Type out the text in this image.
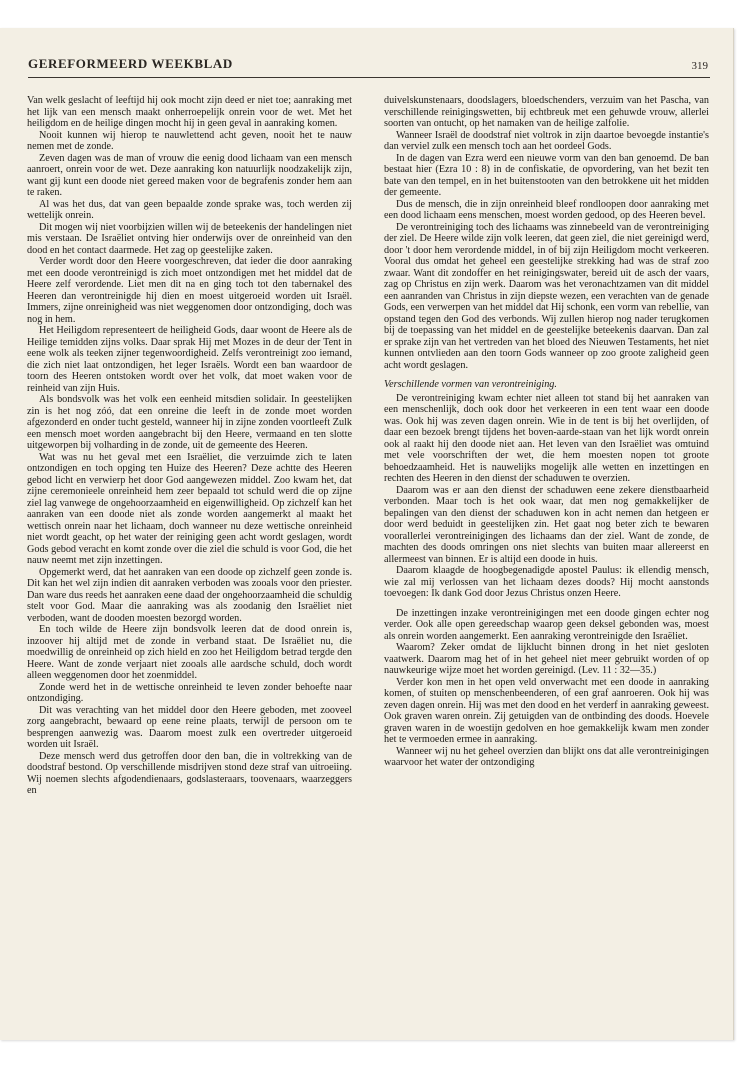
GEREFORMEERD WEEKBLAD	319

Van welk geslacht of leeftijd hij ook mocht zijn deed er niet toe; aanraking met het lijk van een mensch maakt onherroepelijk onrein voor de wet. Met het heiligdom en de heilige dingen mocht hij in geen geval in aanraking komen.

Nooit kunnen wij hierop te nauwlettend acht geven, nooit het te nauw nemen met de zonde.

Zeven dagen was de man of vrouw die eenig dood lichaam van een mensch aanroert, onrein voor de wet. Deze aanraking kon natuurlijk noodzakelijk zijn, want gij kunt een doode niet gereed maken voor de begrafenis zonder hem aan te raken.

Al was het dus, dat van geen bepaalde zonde sprake was, toch werden zij wettelijk onrein.

Dit mogen wij niet voorbijzien willen wij de beteekenis der handelingen niet mis verstaan. De Israëliet ontving hier onderwijs over de onreinheid van den dood en het contact daarmede. Het zag op geestelijke zaken.

Verder wordt door den Heere voorgeschreven, dat ieder die door aanraking met een doode verontreinigd is zich moet ontzondigen met het middel dat de Heere zelf verordende. Liet men dit na en ging toch tot den tabernakel des Heeren dan verontreinigde hij dien en moest uitgeroeid worden uit Israël. Immers, zijne onreinigheid was niet weggenomen door ontzondiging, doch was nog in hem.

Het Heiligdom representeert de heiligheid Gods, daar woont de Heere als de Heilige temidden zijns volks. Daar sprak Hij met Mozes in de deur der Tent in eene wolk als teeken zijner tegenwoordigheid. Zelfs verontreinigt zoo iemand, die zich niet laat ontzondigen, het leger Israëls. Wordt een ban waardoor de toorn des Heeren ontstoken wordt over het volk, dat moet waken voor de reinheid van zijn Huis.

Als bondsvolk was het volk een eenheid mitsdien solidair. In geestelijken zin is het nog zóó, dat een onreine die leeft in de zonde moet worden afgezonderd en onder tucht gesteld, wanneer hij in zijne zonden voortleeft Zulk een mensch moet worden aangebracht bij den Heere, vermaand en ten slotte uitgeworpen bij volharding in de zonde, uit de gemeente des Heeren.

Wat was nu het geval met een Israëliet, die verzuimde zich te laten ontzondigen en toch opging ten Huize des Heeren? Deze achtte des Heeren gebod licht en verwierp het door God aangewezen middel. Zoo kwam het, dat zijne ceremonieele onreinheid hem zeer bepaald tot schuld werd die op zijne ziel lag vanwege de ongehoorzaamheid en eigenwilligheid. Op zichzelf kan het aanraken van een doode niet als zonde worden aangemerkt al maakt het wettisch onrein naar het lichaam, doch wanneer nu deze wettische onreinheid niet wordt geacht, op het water der reiniging geen acht wordt geslagen, wordt Gods gebod veracht en komt zonde over die ziel die schuld is voor God, die het nauw neemt met zijn inzettingen.

Opgemerkt werd, dat het aanraken van een doode op zichzelf geen zonde is. Dit kan het wel zijn indien dit aanraken verboden was zooals voor den priester. Dan ware dus reeds het aanraken eene daad der ongehoorzaamheid die schuldig stelt voor God. Maar die aanraking was als zoodanig den Israëliet niet verboden, want de dooden moesten bezorgd worden.

En toch wilde de Heere zijn bondsvolk leeren dat de dood onrein is, inzoover hij altijd met de zonde in verband staat. De Israëliet nu, die moedwillig de onreinheid op zich hield en zoo het Heiligdom betrad tergde den Heere. Want de zonde verjaart niet zooals alle aardsche schuld, doch wordt alleen weggenomen door het zoenmiddel.

Zonde werd het in de wettische onreinheid te leven zonder behoefte naar ontzondiging.

Dit was verachting van het middel door den Heere geboden, met zooveel zorg aangebracht, bewaard op eene reine plaats, terwijl de persoon om te besprengen aanwezig was. Daarom moest zulk een overtreder uitgeroeid worden uit Israël.

Deze mensch werd dus getroffen door den ban, die in voltrekking van de doodstraf bestond. Op verschillende misdrijven stond deze straf van uitroeiing. Wij noemen slechts afgodendienaars, godslasteraars, toovenaars, waarzeggers en

duivelskunstenaars, doodslagers, bloedschenders, verzuim van het Pascha, van verschillende reinigingswetten, bij echtbreuk met een gehuwde vrouw, allerlei soorten van ontucht, op het namaken van de heilige zalfolie.

Wanneer Israël de doodstraf niet voltrok in zijn daartoe bevoegde instantie's dan verviel zulk een mensch toch aan het oordeel Gods.

In de dagen van Ezra werd een nieuwe vorm van den ban genoemd. De ban bestaat hier (Ezra 10 : 8) in de confiskatie, de opvordering, van het bezit ten bate van den tempel, en in het buitenstooten van den betrokkene uit het midden der gemeente.

Dus de mensch, die in zijn onreinheid bleef rondloopen door aanraking met een dood lichaam eens menschen, moest worden gedood, op des Heeren bevel.

De verontreiniging toch des lichaams was zinnebeeld van de verontreiniging der ziel. De Heere wilde zijn volk leeren, dat geen ziel, die niet gereinigd werd, door 't door hem verordende middel, in of bij zijn Heiligdom mocht verkeeren. Vooral dus omdat het geheel een geestelijke strekking had was de straf zoo zwaar. Want dit zondoffer en het reinigingswater, bereid uit de asch der vaars, zag op Christus en zijn werk. Daarom was het veronachtzamen van dit middel een aanranden van Christus in zijn diepste wezen, een verachten van de genade Gods, een verwerpen van het middel dat Hij schonk, een vorm van rebellie, van opstand tegen den God des verbonds. Wij zullen hierop nog nader terugkomen bij de toepassing van het middel en de geestelijke beteekenis daarvan. Dan zal er sprake zijn van het vertreden van het bloed des Nieuwen Testaments, het niet kunnen ontvlieden aan den toorn Gods wanneer op zoo groote zaligheid geen acht wordt geslagen.

Verschillende vormen van verontreiniging.

De verontreiniging kwam echter niet alleen tot stand bij het aanraken van een menschenlijk, doch ook door het verkeeren in een tent waar een doode was. Ook hij was zeven dagen onrein. Wie in de tent is bij het overlijden, of daar een bezoek brengt tijdens het boven-aarde-staan van het lijk wordt onrein ook al raakt hij den doode niet aan. Het leven van den Israëliet was omtuind met vele voorschriften der wet, die hem moesten nopen tot groote behoedzaamheid. Het is nauwelijks mogelijk alle wetten en inzettingen en rechten des Heeren in den dienst der schaduwen te overzien.

Daarom was er aan den dienst der schaduwen eene zekere dienstbaarheid verbonden. Maar toch is het ook waar, dat men nog gemakkelijker de bepalingen van den dienst der schaduwen kon in acht nemen dan hetgeen er door werd beduidt in geestelijken zin. Het gaat nog beter zich te bewaren voorallerlei verontreinigingen des lichaams dan der ziel. Want de zonde, de machten des doods omringen ons niet slechts van buiten maar allereerst en allermeest van binnen. Er is altijd een doode in huis.

Daarom klaagde de hoogbegenadigde apostel Paulus: ik ellendig mensch, wie zal mij verlossen van het lichaam dezes doods? Hij mocht aanstonds toevoegen: Ik dank God door Jezus Christus onzen Heere.

De inzettingen inzake verontreinigingen met een doode gingen echter nog verder. Ook alle open gereedschap waarop geen deksel gebonden was, moest als onrein worden aangemerkt. Een aanraking verontreinigde den Israëliet.

Waarom? Zeker omdat de lijklucht binnen drong in het niet gesloten vaatwerk. Daarom mag het of in het geheel niet meer gebruikt worden of op nauwkeurige wijze moet het worden gereinigd. (Lev. 11 : 32—35.)

Verder kon men in het open veld onverwacht met een doode in aanraking komen, of stuiten op menschenbeenderen, of een graf aanroeren. Ook hij was zeven dagen onrein. Hij was met den dood en het verderf in aanraking geweest. Ook graven waren onrein. Zij getuigden van de ontbinding des doods. Hoevele graven waren in de woestijn gedolven en hoe gemakkelijk kwam men zonder het te vermoeden ermee in aanraking.

Wanneer wij nu het geheel overzien dan blijkt ons dat alle verontreinigingen waarvoor het water der ontzondiging
